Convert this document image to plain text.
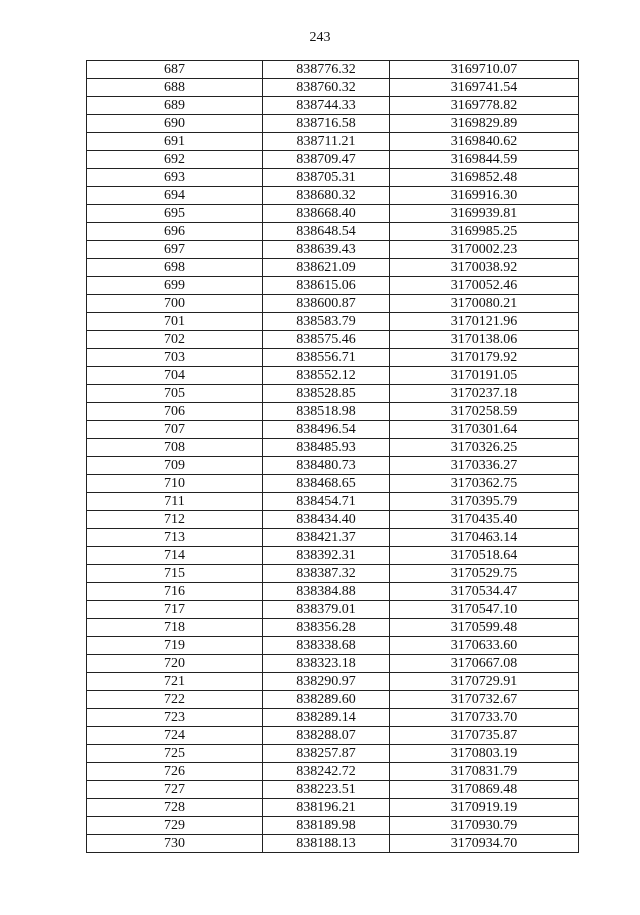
243
687	838776.32	3169710.07
688	838760.32	3169741.54
689	838744.33	3169778.82
690	838716.58	3169829.89
691	838711.21	3169840.62
692	838709.47	3169844.59
693	838705.31	3169852.48
694	838680.32	3169916.30
695	838668.40	3169939.81
696	838648.54	3169985.25
697	838639.43	3170002.23
698	838621.09	3170038.92
699	838615.06	3170052.46
700	838600.87	3170080.21
701	838583.79	3170121.96
702	838575.46	3170138.06
703	838556.71	3170179.92
704	838552.12	3170191.05
705	838528.85	3170237.18
706	838518.98	3170258.59
707	838496.54	3170301.64
708	838485.93	3170326.25
709	838480.73	3170336.27
710	838468.65	3170362.75
711	838454.71	3170395.79
712	838434.40	3170435.40
713	838421.37	3170463.14
714	838392.31	3170518.64
715	838387.32	3170529.75
716	838384.88	3170534.47
717	838379.01	3170547.10
718	838356.28	3170599.48
719	838338.68	3170633.60
720	838323.18	3170667.08
721	838290.97	3170729.91
722	838289.60	3170732.67
723	838289.14	3170733.70
724	838288.07	3170735.87
725	838257.87	3170803.19
726	838242.72	3170831.79
727	838223.51	3170869.48
728	838196.21	3170919.19
729	838189.98	3170930.79
730	838188.13	3170934.70
